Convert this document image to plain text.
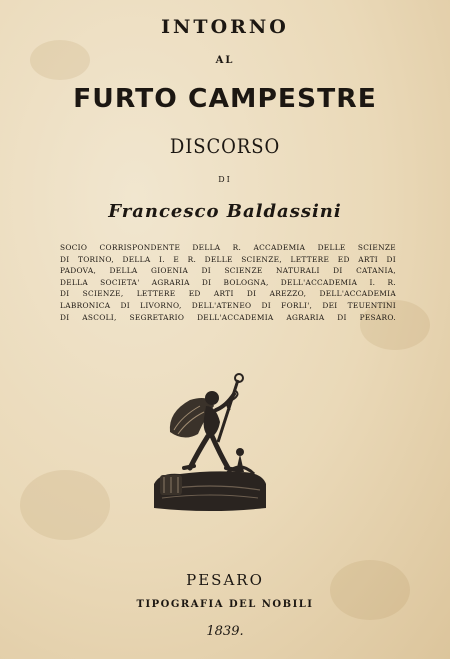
INTORNO
AL
FURTO CAMPESTRE
DISCORSO
DI
Francesco Baldassini
SOCIO CORRISPONDENTE DELLA R. ACCADEMIA DELLE SCIENZE
DI TORINO, DELLA I. E R. DELLE SCIENZE, LETTERE ED ARTI DI
PADOVA, DELLA GIOENIA DI SCIENZE NATURALI DI CATANIA,
DELLA SOCIETA' AGRARIA DI BOLOGNA, DELL'ACCADEMIA I. R.
DI SCIENZE, LETTERE ED ARTI DI AREZZO, DELL'ACCADEMIA
LABRONICA DI LIVORNO, DELL'ATENEO DI FORLI', DEI TEUENTINI
DI ASCOLI, SEGRETARIO DELL'ACCADEMIA AGRARIA DI PESARO.
PESARO
TIPOGRAFIA DEL NOBILI
1839.
